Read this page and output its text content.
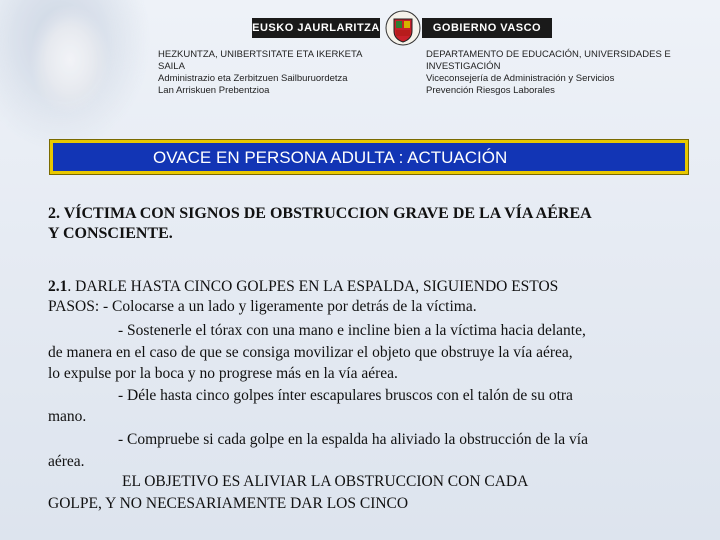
EUSKO JAURLARITZA	GOBIERNO VASCO
HEZKUNTZA, UNIBERTSITATE ETA IKERKETA
SAILA
Administrazio eta Zerbitzuen Sailburuordetza
Lan Arriskuen Prebentzioa
DEPARTAMENTO DE EDUCACIÓN, UNIVERSIDADES E
INVESTIGACIÓN
Viceconsejería de Administración y Servicios
Prevención Riesgos Laborales
OVACE EN PERSONA ADULTA : ACTUACIÓN
2. VÍCTIMA CON SIGNOS DE OBSTRUCCION GRAVE DE LA VÍA AÉREA
Y CONSCIENTE.
2.1. DARLE HASTA CINCO GOLPES EN LA ESPALDA, SIGUIENDO ESTOS
PASOS: - Colocarse a un lado y ligeramente por detrás de la víctima.
- Sostenerle el tórax con una mano e incline bien a la víctima hacia delante,
de manera en el caso de que se consiga movilizar el objeto que obstruye la vía aérea,
lo expulse por la boca y no progrese más en la vía aérea.
- Déle hasta cinco golpes ínter escapulares bruscos con el talón de su otra
mano.
- Compruebe si cada golpe en la espalda ha aliviado la obstrucción de la vía
aérea.
EL OBJETIVO ES ALIVIAR LA OBSTRUCCION CON CADA
GOLPE, Y NO NECESARIAMENTE DAR LOS CINCO
